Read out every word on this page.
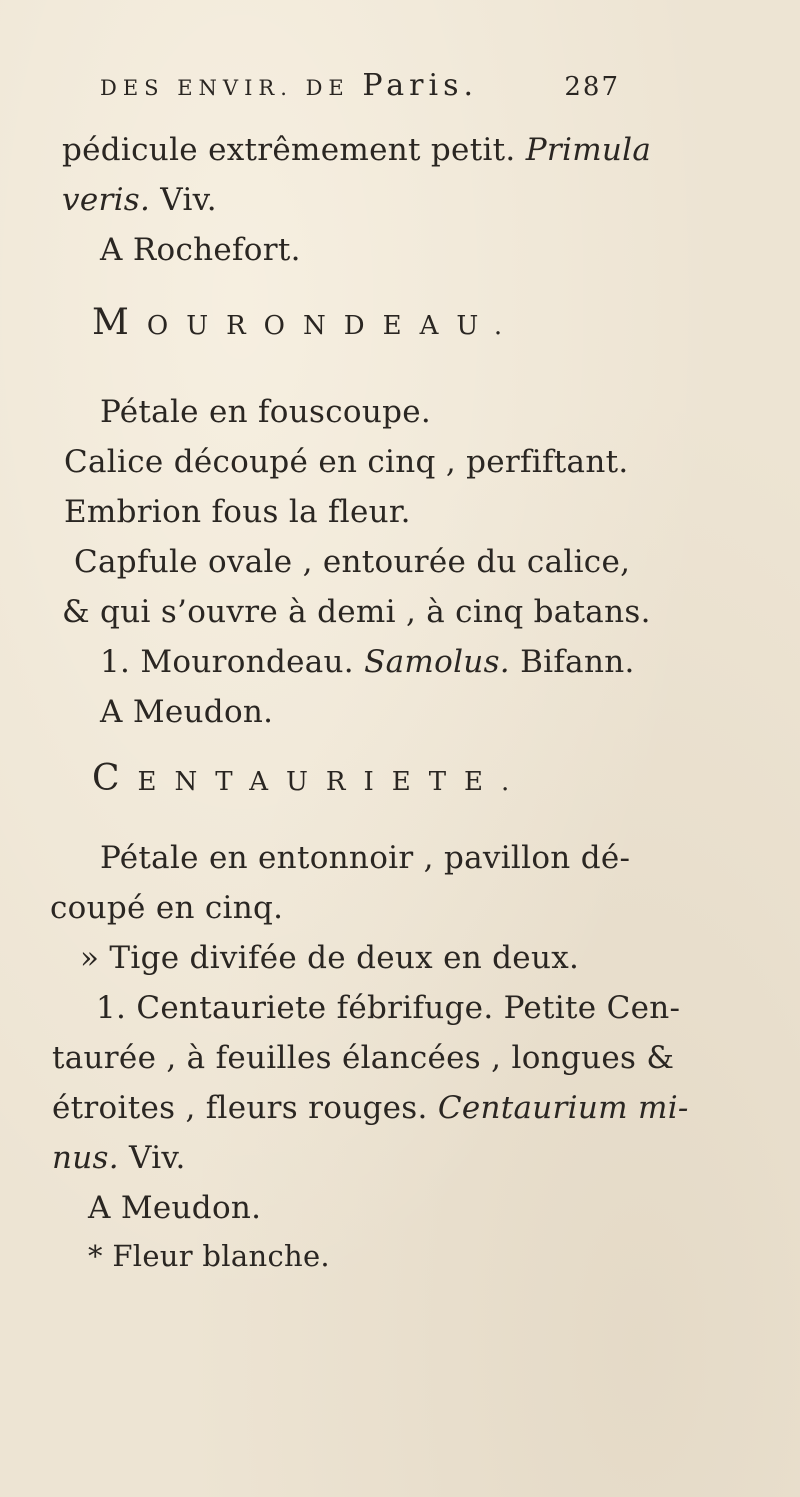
DES ENVIR. DE Paris.	287
pédicule extrêmement petit. Primula
veris. Viv.
A Rochefort.
MOURONDEAU.
Pétale en fouscoupe.
Calice découpé en cinq , perfiftant.
Embrion fous la fleur.
Capfule ovale , entourée du calice,
& qui s’ouvre à demi , à cinq batans.
1. Mourondeau. Samolus. Bifann.
A Meudon.
CENTAURIETE.
Pétale en entonnoir , pavillon dé-
coupé en cinq.
» Tige divifée de deux en deux.
1. Centauriete fébrifuge. Petite Cen-
taurée , à feuilles élancées , longues &
étroites , fleurs rouges. Centaurium mi-
nus. Viv.
A Meudon.
* Fleur blanche.
